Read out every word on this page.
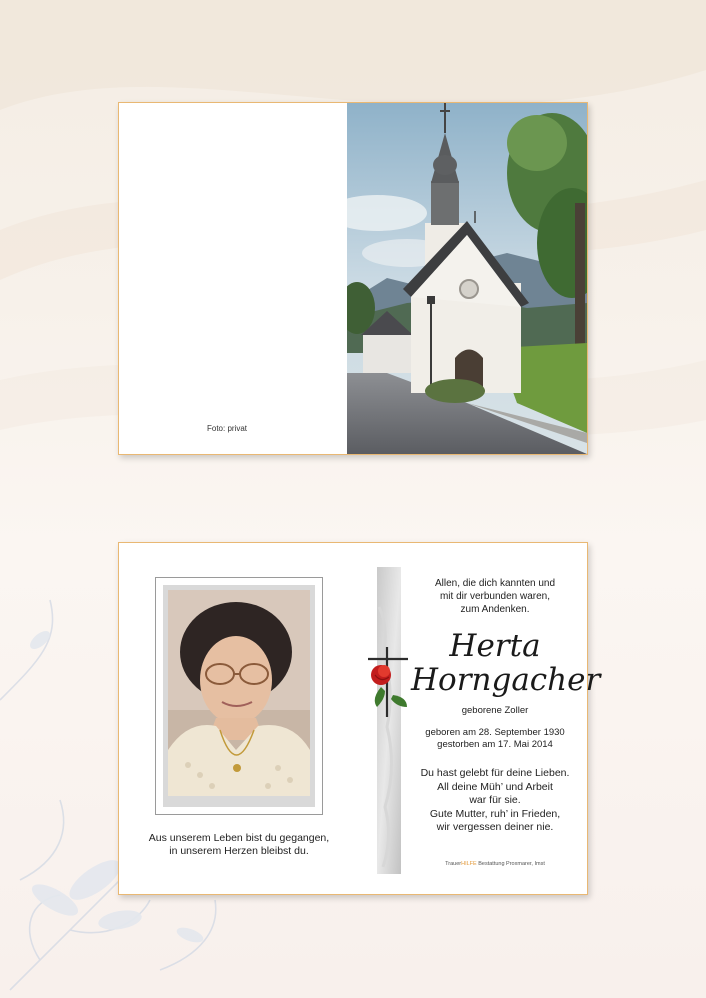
Foto: privat

Aus unserem Leben bist du gegangen,

in unserem Herzen bleibst du.

Allen, die dich kannten und
mit dir verbunden waren,
zum Andenken.
Herta
Horngacher
geborene Zoller
geboren am 28. September 1930
gestorben am 17. Mai 2014
Du hast gelebt für deine Lieben.
All deine Müh’ und Arbeit
war für sie.
Gute Mutter, ruh’ in Frieden,
wir vergessen deiner nie.
TrauerHILFE Bestattung Proxmarer, Imst
